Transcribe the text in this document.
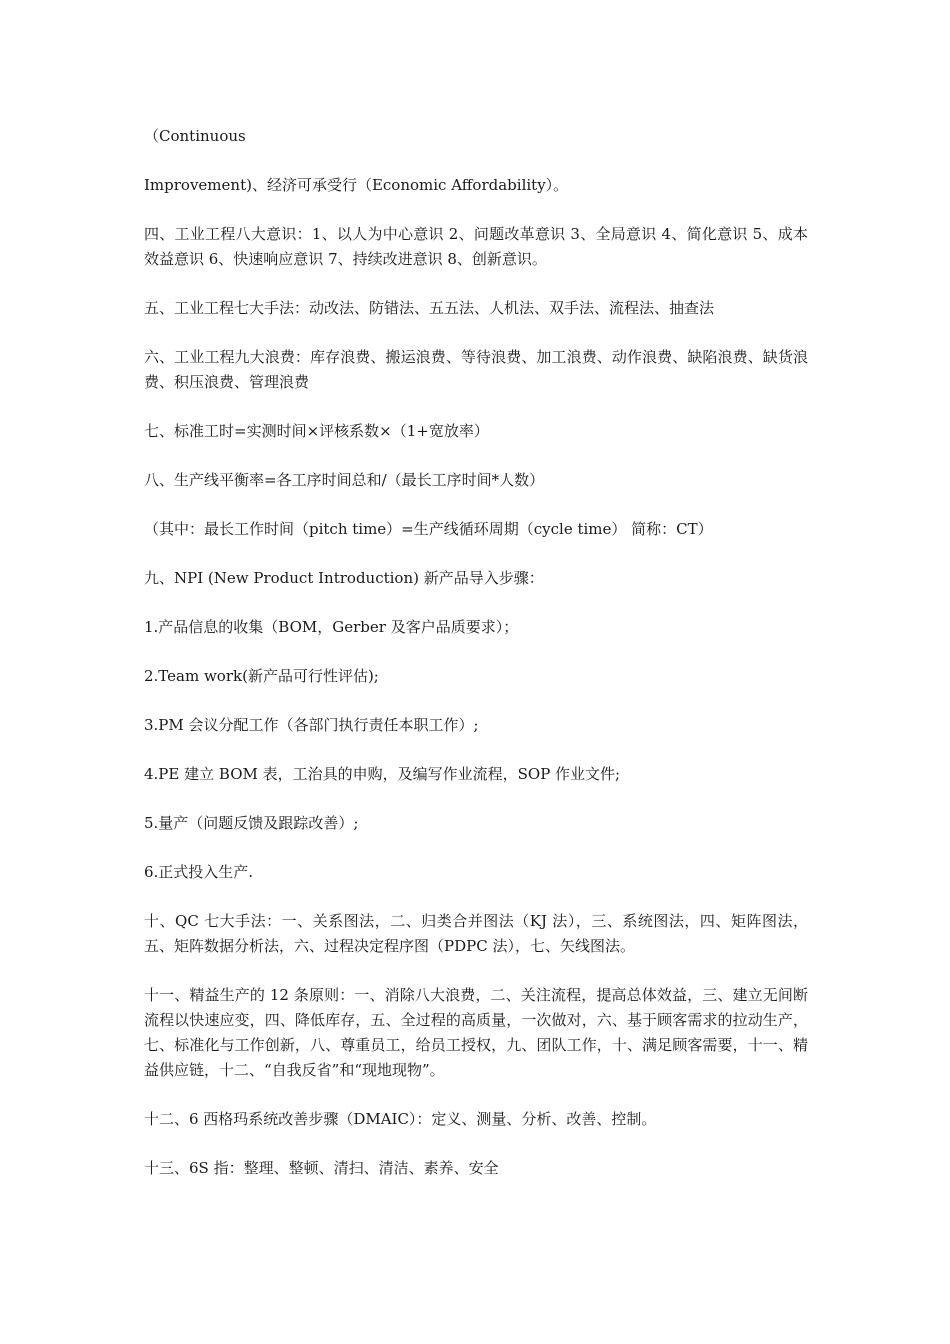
（Continuous

Improvement)、经济可承受行（Economic Affordability）。

四、工业工程八大意识：1、以人为中心意识 2、问题改革意识 3、全局意识 4、简化意识 5、成本效益意识 6、快速响应意识 7、持续改进意识 8、创新意识。

五、工业工程七大手法：动改法、防错法、五五法、人机法、双手法、流程法、抽查法

六、工业工程九大浪费：库存浪费、搬运浪费、等待浪费、加工浪费、动作浪费、缺陷浪费、缺货浪费、积压浪费、管理浪费

七、标准工时=实测时间×评核系数×（1+宽放率）

八、生产线平衡率=各工序时间总和/（最长工序时间*人数）

（其中：最长工作时间（pitch time）=生产线循环周期（cycle time） 简称：CT）

九、NPI (New Product Introduction) 新产品导入步骤：

1.产品信息的收集（BOM，Gerber 及客户品质要求）；

2.Team work(新产品可行性评估);

3.PM 会议分配工作（各部门执行责任本职工作）;

4.PE 建立 BOM 表，工治具的申购，及编写作业流程，SOP 作业文件;

5.量产（问题反馈及跟踪改善）;

6.正式投入生产.

十、QC 七大手法：一、关系图法，二、归类合并图法（KJ 法），三、系统图法，四、矩阵图法，五、矩阵数据分析法，六、过程决定程序图（PDPC 法），七、矢线图法。

十一、精益生产的 12 条原则：一、消除八大浪费，二、关注流程，提高总体效益，三、建立无间断流程以快速应变，四、降低库存，五、全过程的高质量，一次做对，六、基于顾客需求的拉动生产，七、标准化与工作创新，八、尊重员工，给员工授权，九、团队工作，十、满足顾客需要，十一、精益供应链，十二、“自我反省”和“现地现物”。

十二、6 西格玛系统改善步骤（DMAIC）：定义、测量、分析、改善、控制。

十三、6S 指：整理、整顿、清扫、清洁、素养、安全
